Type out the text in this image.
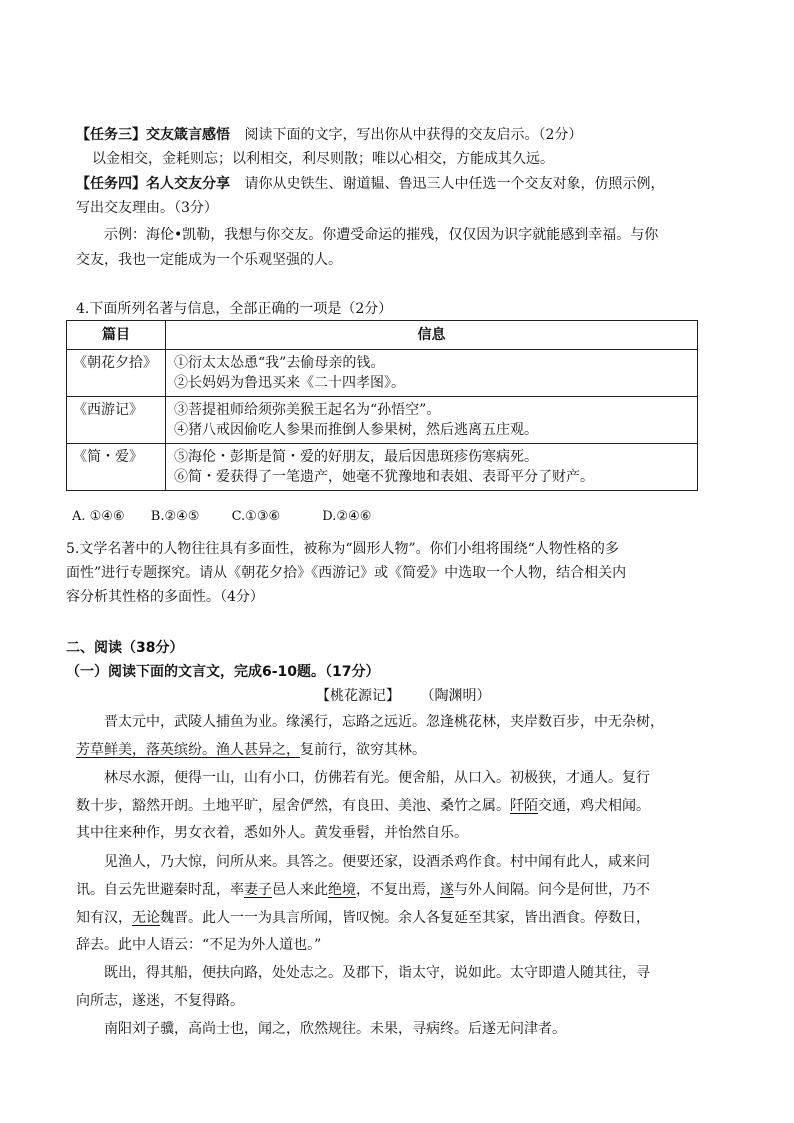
【任务三】交友箴言感悟 阅读下面的文字，写出你从中获得的交友启示。（2分）
以金相交，金耗则忘；以利相交，利尽则散；唯以心相交，方能成其久远。
【任务四】名人交友分享 请你从史铁生、谢道韫、鲁迅三人中任选一个交友对象，仿照示例，
写出交友理由。（3分）
示例：海伦•凯勒，我想与你交友。你遭受命运的摧残，仅仅因为识字就能感到幸福。与你
交友，我也一定能成为一个乐观坚强的人。
4.下面所列名著与信息，全部正确的一项是（2分）
篇目	信息
《朝花夕拾》	①衍太太怂恿“我”去偷母亲的钱。
②长妈妈为鲁迅买来《二十四孝图》。

《西游记》	③菩提祖师给须弥美猴王起名为“孙悟空”。
④猪八戒因偷吃人参果而推倒人参果树，然后逃离五庄观。

《简・爱》	⑤海伦・彭斯是简・爱的好朋友，最后因患斑疹伤寒病死。
⑥简・爱获得了一笔遗产，她毫不犹豫地和表姐、表哥平分了财产。
A. ①④⑥ B.②④⑤ C.①③⑥	D.②④⑥
5.文学名著中的人物往往具有多面性，被称为“圆形人物”。你们小组将围绕“人物性格的多
面性”进行专题探究。请从《朝花夕拾》《西游记》或《简爱》中选取一个人物，结合相关内
容分析其性格的多面性。（4分）
二、阅读（38分）
（一）阅读下面的文言文，完成6-10题。（17分）
【桃花源记】 （陶渊明）
晋太元中，武陵人捕鱼为业。缘溪行，忘路之远近。忽逢桃花林，夹岸数百步，中无杂树，
芳草鲜美，落英缤纷。渔人甚异之，复前行，欲穷其林。
林尽水源，便得一山，山有小口，仿佛若有光。便舍船，从口入。初极狭，才通人。复行
数十步，豁然开朗。土地平旷，屋舍俨然，有良田、美池、桑竹之属。阡陌交通，鸡犬相闻。
其中往来种作，男女衣着，悉如外人。黄发垂髫，并怡然自乐。
见渔人，乃大惊，问所从来。具答之。便要还家，设酒杀鸡作食。村中闻有此人，咸来问
讯。自云先世避秦时乱，率妻子邑人来此绝境，不复出焉，遂与外人间隔。问今是何世，乃不
知有汉，无论魏晋。此人一一为具言所闻，皆叹惋。余人各复延至其家，皆出酒食。停数日，
辞去。此中人语云：“不足为外人道也。”
既出，得其船，便扶向路，处处志之。及郡下，诣太守，说如此。太守即遣人随其往，寻
向所志，遂迷，不复得路。
南阳刘子骥，高尚士也，闻之，欣然规往。未果，寻病终。后遂无问津者。
